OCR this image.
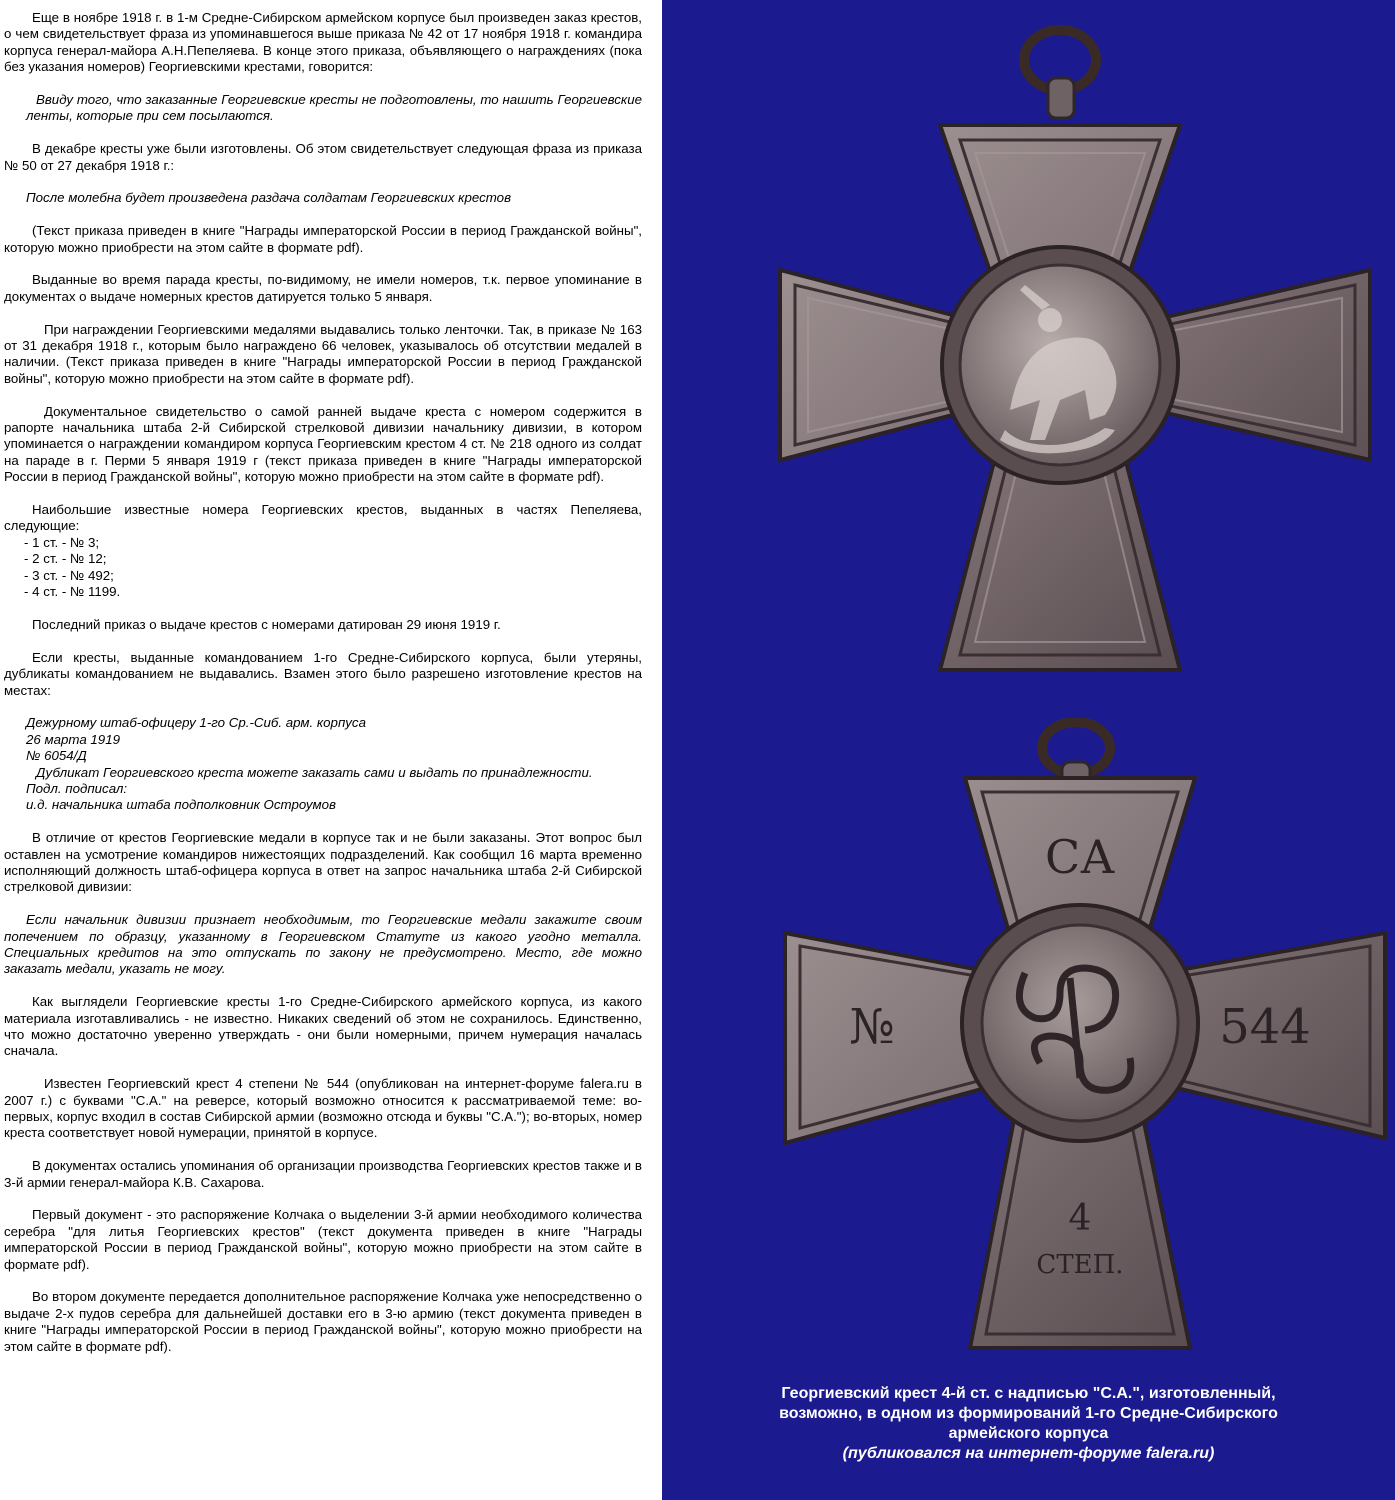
Еще в ноябре 1918 г. в 1-м Средне-Сибирском армейском корпусе был произведен заказ крестов, о чем свидетельствует фраза из упоминавшегося выше приказа № 42 от 17 ноября 1918 г. командира корпуса генерал-майора А.Н.Пепеляева. В конце этого приказа, объявляющего о награждениях (пока без указания номеров) Георгиевскими крестами, говорится:

Ввиду того, что заказанные Георгиевские кресты не подготовлены, то нашить Георгиевские ленты, которые при сем посылаются.

В декабре кресты уже были изготовлены. Об этом свидетельствует следующая фраза из приказа № 50 от 27 декабря 1918 г.:

После молебна будет произведена раздача солдатам Георгиевских крестов

(Текст приказа приведен в книге "Награды императорской России в период Гражданской войны", которую можно приобрести на этом сайте в формате pdf).

Выданные во время парада кресты, по-видимому, не имели номеров, т.к. первое упоминание в документах о выдаче номерных крестов датируется только 5 января.

При награждении Георгиевскими медалями выдавались только ленточки. Так, в приказе № 163 от 31 декабря 1918 г., которым было награждено 66 человек, указывалось об отсутствии медалей в наличии. (Текст приказа приведен в книге "Награды императорской России в период Гражданской войны", которую можно приобрести на этом сайте в формате pdf).

Документальное свидетельство о самой ранней выдаче креста с номером содержится в рапорте начальника штаба 2-й Сибирской стрелковой дивизии начальнику дивизии, в котором упоминается о награждении командиром корпуса Георгиевским крестом 4 ст. № 218 одного из солдат на параде в г. Перми 5 января 1919 г (текст приказа приведен в книге "Награды императорской России в период Гражданской войны", которую можно приобрести на этом сайте в формате pdf).

Наибольшие известные номера Георгиевских крестов, выданных в частях Пепеляева, следующие:

- 1 ст. - № 3;
- 2 ст. - № 12;
- 3 ст. - № 492;
- 4 ст. - № 1199.

Последний приказ о выдаче крестов с номерами датирован 29 июня 1919 г.

Если кресты, выданные командованием 1-го Средне-Сибирского корпуса, были утеряны, дубликаты командованием не выдавались. Взамен этого было разрешено изготовление крестов на местах:

Дежурному штаб-офицеру 1-го Ср.-Сиб. арм. корпуса
26 марта 1919
№ 6054/Д
Дубликат Георгиевского креста можете заказать сами и выдать по принадлежности.
Подл. подписал:
и.д. начальника штаба подполковник Остроумов

В отличие от крестов Георгиевские медали в корпусе так и не были заказаны. Этот вопрос был оставлен на усмотрение командиров нижестоящих подразделений. Как сообщил 16 марта временно исполняющий должность штаб-офицера корпуса в ответ на запрос начальника штаба 2-й Сибирской стрелковой дивизии:

Если начальник дивизии признает необходимым, то Георгиевские медали закажите своим попечением по образцу, указанному в Георгиевском Статуте из какого угодно металла. Специальных кредитов на это отпускать по закону не предусмотрено. Место, где можно заказать медали, указать не могу.

Как выглядели Георгиевские кресты 1-го Средне-Сибирского армейского корпуса, из какого материала изготавливались - не известно. Никаких сведений об этом не сохранилось. Единственно, что можно достаточно уверенно утверждать - они были номерными, причем нумерация началась сначала.

Известен Георгиевский крест 4 степени № 544 (опубликован на интернет-форуме falera.ru в 2007 г.) с буквами "С.А." на реверсе, который возможно относится к рассматриваемой теме: во-первых, корпус входил в состав Сибирской армии (возможно отсюда и буквы "С.А."); во-вторых, номер креста соответствует новой нумерации, принятой в корпусе.

В документах остались упоминания об организации производства Георгиевских крестов также и в 3-й армии генерал-майора К.В. Сахарова.

Первый документ - это распоряжение Колчака о выделении 3-й армии необходимого количества серебра "для литья Георгиевских крестов" (текст документа приведен в книге "Награды императорской России в период Гражданской войны", которую можно приобрести на этом сайте в формате pdf).

Во втором документе передается дополнительное распоряжение Колчака уже непосредственно о выдаче 2-х пудов серебра для дальнейшей доставки его в 3-ю армию (текст документа приведен в книге "Награды императорской России в период Гражданской войны", которую можно приобрести на этом сайте в формате pdf).

СА
№	544
4
СТЕП.
Георгиевский крест 4-й ст. с надписью "С.А.", изготовленный,
возможно, в одном из формирований 1-го Средне-Сибирского
армейского корпуса
(публиковался на интернет-форуме falera.ru)
